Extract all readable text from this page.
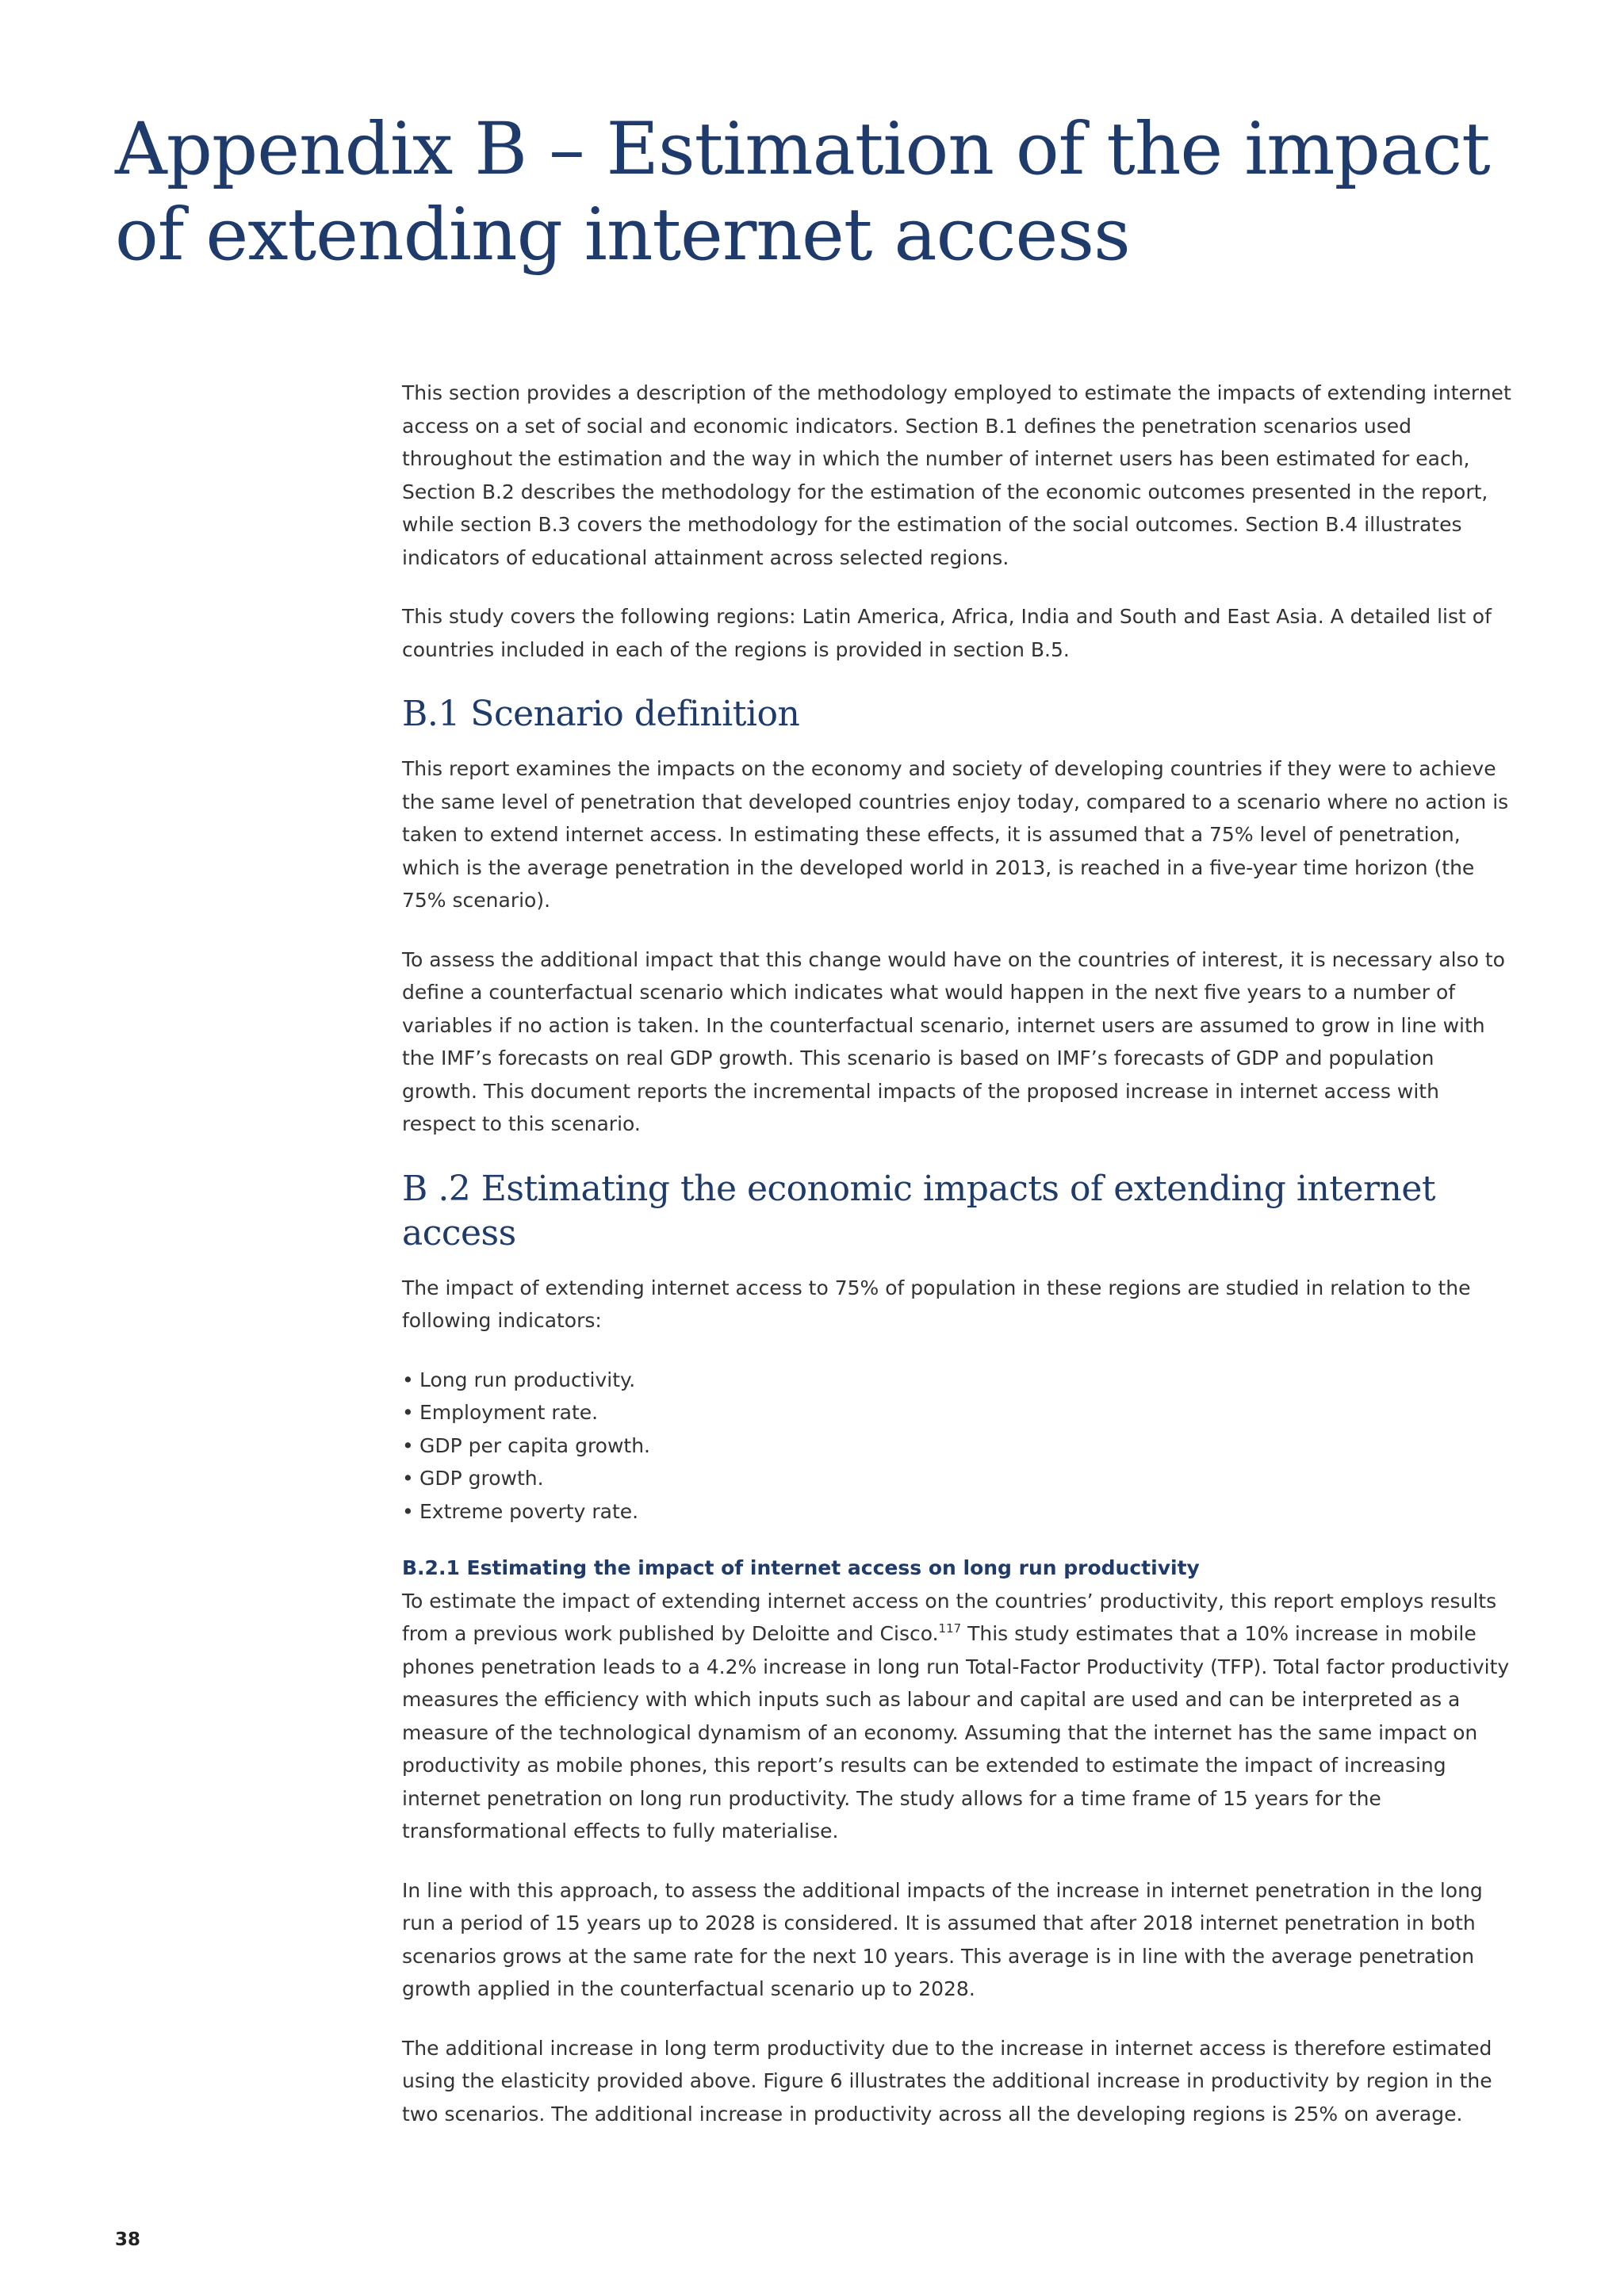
Appendix B – Estimation of the impact of extending internet access

This section provides a description of the methodology employed to estimate the impacts of extending internet access on a set of social and economic indicators. Section B.1 defines the penetration scenarios used throughout the estimation and the way in which the number of internet users has been estimated for each, Section B.2 describes the methodology for the estimation of the economic outcomes presented in the report, while section B.3 covers the methodology for the estimation of the social outcomes. Section B.4 illustrates indicators of educational attainment across selected regions.

This study covers the following regions: Latin America, Africa, India and South and East Asia. A detailed list of countries included in each of the regions is provided in section B.5.

B.1 Scenario definition

This report examines the impacts on the economy and society of developing countries if they were to achieve the same level of penetration that developed countries enjoy today, compared to a scenario where no action is taken to extend internet access. In estimating these effects, it is assumed that a 75% level of penetration, which is the average penetration in the developed world in 2013, is reached in a five-year time horizon (the 75% scenario).

To assess the additional impact that this change would have on the countries of interest, it is necessary also to define a counterfactual scenario which indicates what would happen in the next five years to a number of variables if no action is taken. In the counterfactual scenario, internet users are assumed to grow in line with the IMF’s forecasts on real GDP growth. This scenario is based on IMF’s forecasts of GDP and population growth. This document reports the incremental impacts of the proposed increase in internet access with respect to this scenario.

B .2 Estimating the economic impacts of extending internet access

The impact of extending internet access to 75% of population in these regions are studied in relation to the following indicators:

• Long run productivity.
• Employment rate.
• GDP per capita growth.
• GDP growth.
• Extreme poverty rate.
B.2.1 Estimating the impact of internet access on long run productivity

To estimate the impact of extending internet access on the countries’ productivity, this report employs results from a previous work published by Deloitte and Cisco.$^{117}$ This study estimates that a 10% increase in mobile phones penetration leads to a 4.2% increase in long run Total-Factor Productivity (TFP). Total factor productivity measures the efficiency with which inputs such as labour and capital are used and can be interpreted as a measure of the technological dynamism of an economy. Assuming that the internet has the same impact on productivity as mobile phones, this report’s results can be extended to estimate the impact of increasing internet penetration on long run productivity. The study allows for a time frame of 15 years for the transformational effects to fully materialise.

In line with this approach, to assess the additional impacts of the increase in internet penetration in the long run a period of 15 years up to 2028 is considered. It is assumed that after 2018 internet penetration in both scenarios grows at the same rate for the next 10 years. This average is in line with the average penetration growth applied in the counterfactual scenario up to 2028.

The additional increase in long term productivity due to the increase in internet access is therefore estimated using the elasticity provided above. Figure 6 illustrates the additional increase in productivity by region in the two scenarios. The additional increase in productivity across all the developing regions is 25% on average.

38
